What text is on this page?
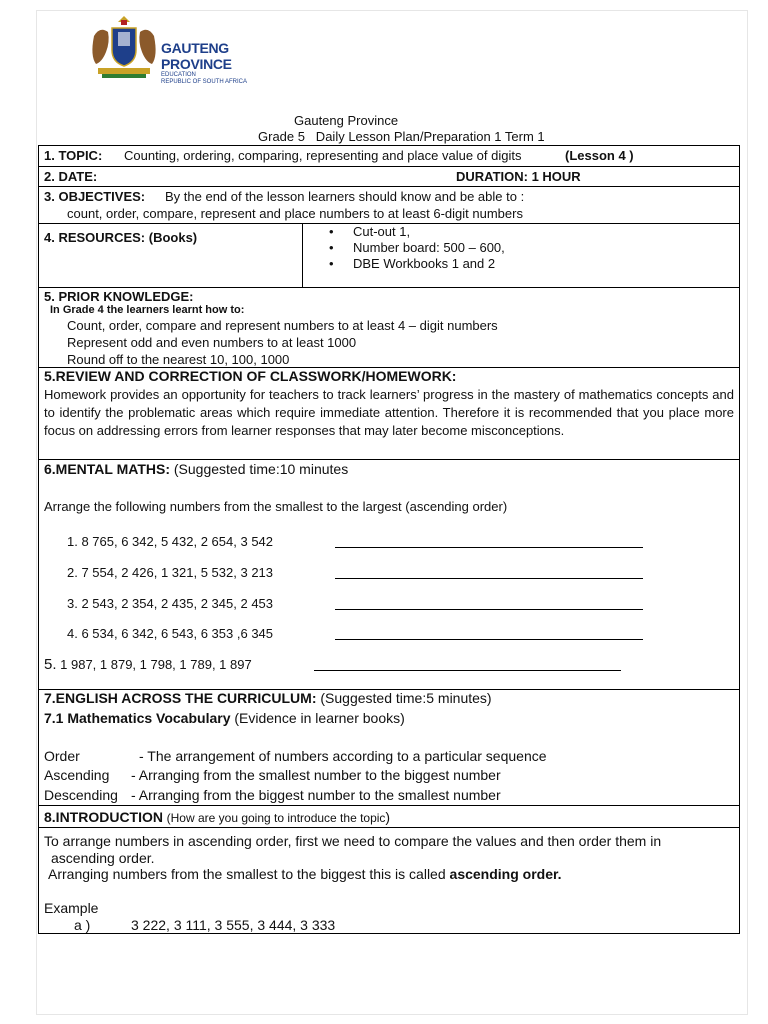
GAUTENG PROVINCE
EDUCATION
REPUBLIC OF SOUTH AFRICA
Gauteng Province
Grade 5   Daily Lesson Plan/Preparation 1 Term 1
1. TOPIC: Counting, ordering, comparing, representing and place value of digits	(Lesson 4 )
2. DATE:	DURATION: 1 HOUR
3. OBJECTIVES: By the end of the lesson learners should know and be able to :
count, order, compare, represent and place numbers to at least 6-digit numbers
4. RESOURCES: (Books)
•	Cut-out 1,
• Number board: 500 – 600,
• DBE Workbooks 1 and 2
5. PRIOR KNOWLEDGE:
In Grade 4 the learners learnt how to:
Count, order, compare and represent numbers to at least 4 – digit numbers
Represent odd and even numbers to at least 1000
Round off to the nearest 10, 100, 1000
5.REVIEW AND CORRECTION OF CLASSWORK/HOMEWORK:
Homework provides an opportunity for teachers to track learners’ progress in the mastery of mathematics concepts and to identify the problematic areas which require immediate attention. Therefore it is recommended that you place more focus on addressing errors from learner responses that may later become misconceptions.
6.MENTAL MATHS: (Suggested time:10 minutes
Arrange the following numbers from the smallest to the largest (ascending order)
1. 8 765, 6 342, 5 432, 2 654, 3 542
2. 7 554, 2 426, 1 321, 5 532, 3 213
3. 2 543, 2 354, 2 435, 2 345, 2 453
4. 6 534, 6 342, 6 543, 6 353 ,6 345
5. 1 987, 1 879, 1 798, 1 789, 1 897
7.ENGLISH ACROSS THE CURRICULUM: (Suggested time:5 minutes)
7.1 Mathematics Vocabulary (Evidence in learner books)
Order	- The arrangement of numbers according to a particular sequence
Ascending - Arranging from the smallest number to the biggest number
Descending - Arranging from the biggest number to the smallest number
8.INTRODUCTION (How are you going to introduce the topic)
To arrange numbers in ascending order, first we need to compare the values and then order them in
ascending order.
Arranging numbers from the smallest to the biggest this is called ascending order.
Example
a )	3 222, 3 111, 3 555, 3 444, 3 333
